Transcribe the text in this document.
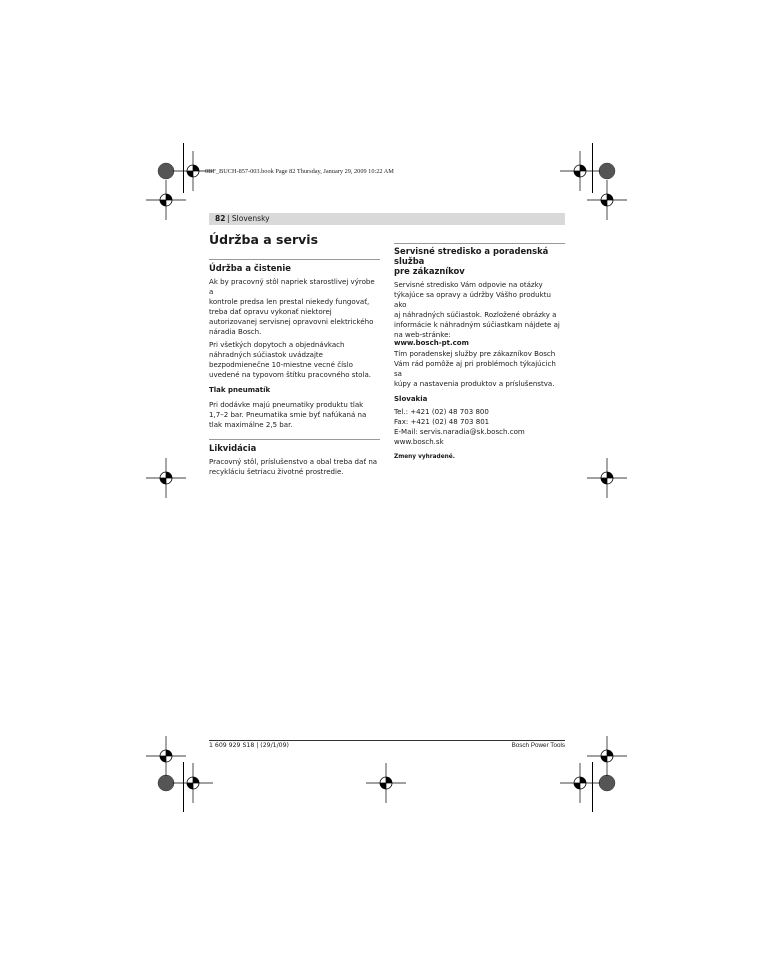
0BF_BUCH-857-003.book Page 82 Thursday, January 29, 2009 10:22 AM
82 | Slovensky
Údržba a servis
Údržba a čistenie

Ak by pracovný stôl napriek starostlivej výrobe a

kontrole predsa len prestal niekedy fungovať,

treba dať opravu vykonať niektorej

autorizovanej servisnej opravovni elektrického

náradia Bosch.

Pri všetkých dopytoch a objednávkach

náhradných súčiastok uvádzajte

bezpodmienečne 10-miestne vecné číslo

uvedené na typovom štítku pracovného stola.

Tlak pneumatík

Pri dodávke majú pneumatiky produktu tlak

1,7–2 bar. Pneumatika smie byť nafúkaná na

tlak maximálne 2,5 bar.

Likvidácia

Pracovný stôl, príslušenstvo a obal treba dať na

recykláciu šetriacu životné prostredie.

Servisné stredisko a poradenská služba
pre zákazníkov

Servisné stredisko Vám odpovie na otázky

týkajúce sa opravy a údržby Vášho produktu ako

aj náhradných súčiastok. Rozložené obrázky a

informácie k náhradným súčiastkam nájdete aj

na web-stránke:

www.bosch-pt.com

Tím poradenskej služby pre zákazníkov Bosch

Vám rád pomôže aj pri problémoch týkajúcich sa

kúpy a nastavenia produktov a príslušenstva.

Slovakia

Tel.: +421 (02) 48 703 800

Fax: +421 (02) 48 703 801

E-Mail: servis.naradia@sk.bosch.com

www.bosch.sk

Zmeny vyhradené.

1 609 929 S18 | (29/1/09)	Bosch Power Tools
